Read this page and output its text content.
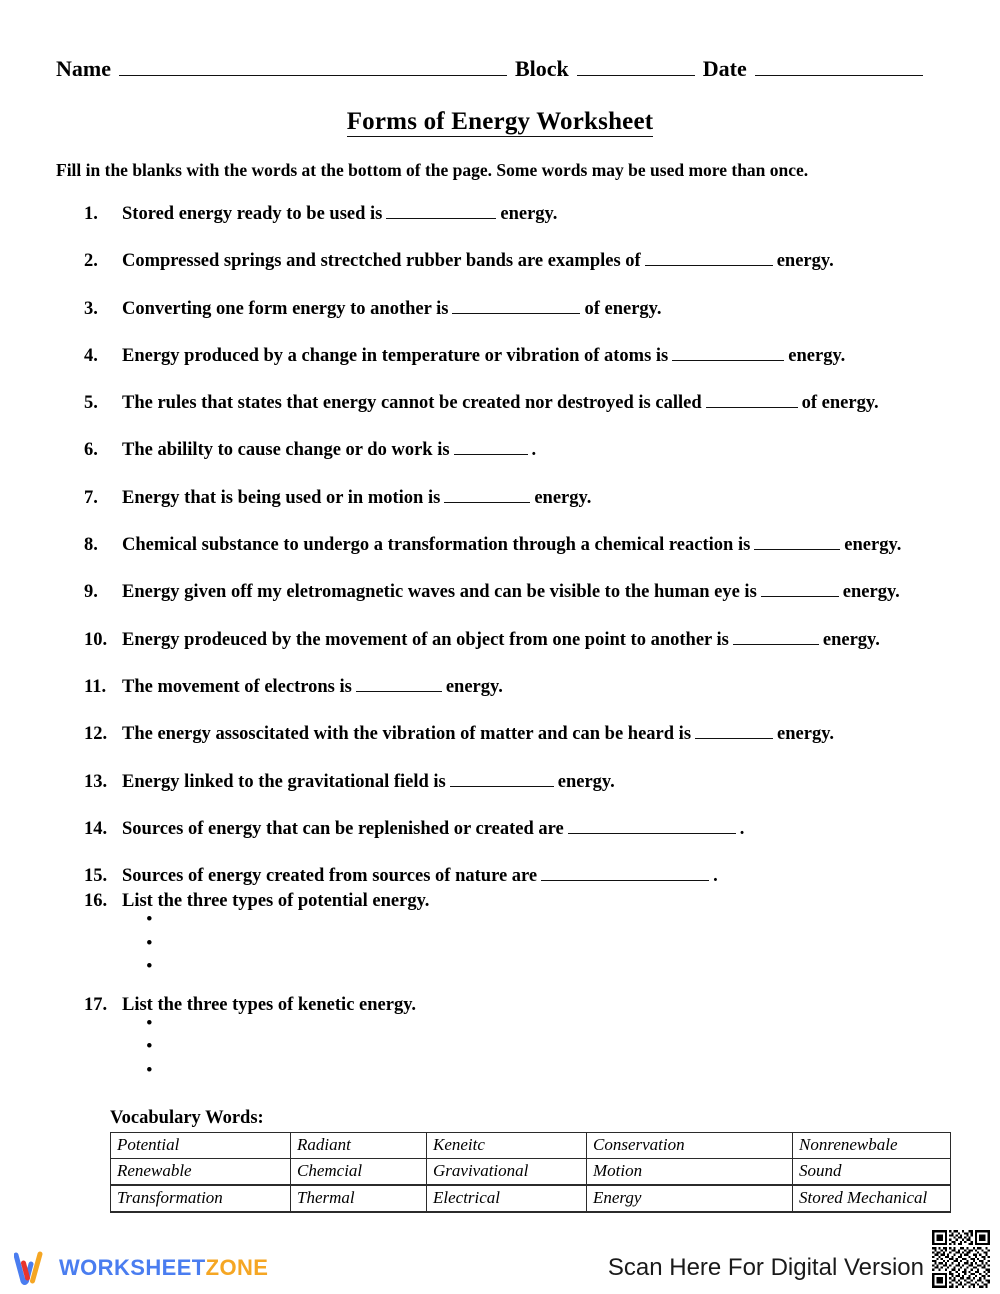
Name	Block	Date
Forms of Energy Worksheet
Fill in the blanks with the words at the bottom of the page. Some words may be used more than once.
1.	Stored energy ready to be used is	energy.
2.	Compressed springs and strectched rubber bands are examples of	energy.
3.	Converting one form energy to another is	of energy.
4.	Energy produced by a change in temperature or vibration of atoms is	energy.
5.	The rules that states that energy cannot be created nor destroyed is called	of energy.
6.	The abililty to cause change or do work is	.
7.	Energy that is being used or in motion is	energy.
8.	Chemical substance to undergo a transformation through a chemical reaction is	energy.
9.	Energy given off my eletromagnetic waves and can be visible to the human eye is	energy.
10. Energy prodeuced by the movement of an object from one point to another is	energy.
11. The movement of electrons is	energy.
12. The energy assoscitated with the vibration of matter and can be heard is	energy.
13. Energy linked to the gravitational field is	energy.
14. Sources of energy that can be replenished or created are	.
15. Sources of energy created from sources of nature are	.
16. List the three types of potential energy.
•
•
•
17. List the three types of kenetic energy.
•
•
•
Vocabulary Words:
Potential	Radiant	Keneitc	Conservation	Nonrenewbale
Renewable	Chemcial	Gravivational	Motion	Sound
Transformation	Thermal	Electrical	Energy	Stored Mechanical
WORKSHEETZONE	Scan Here For Digital Version
